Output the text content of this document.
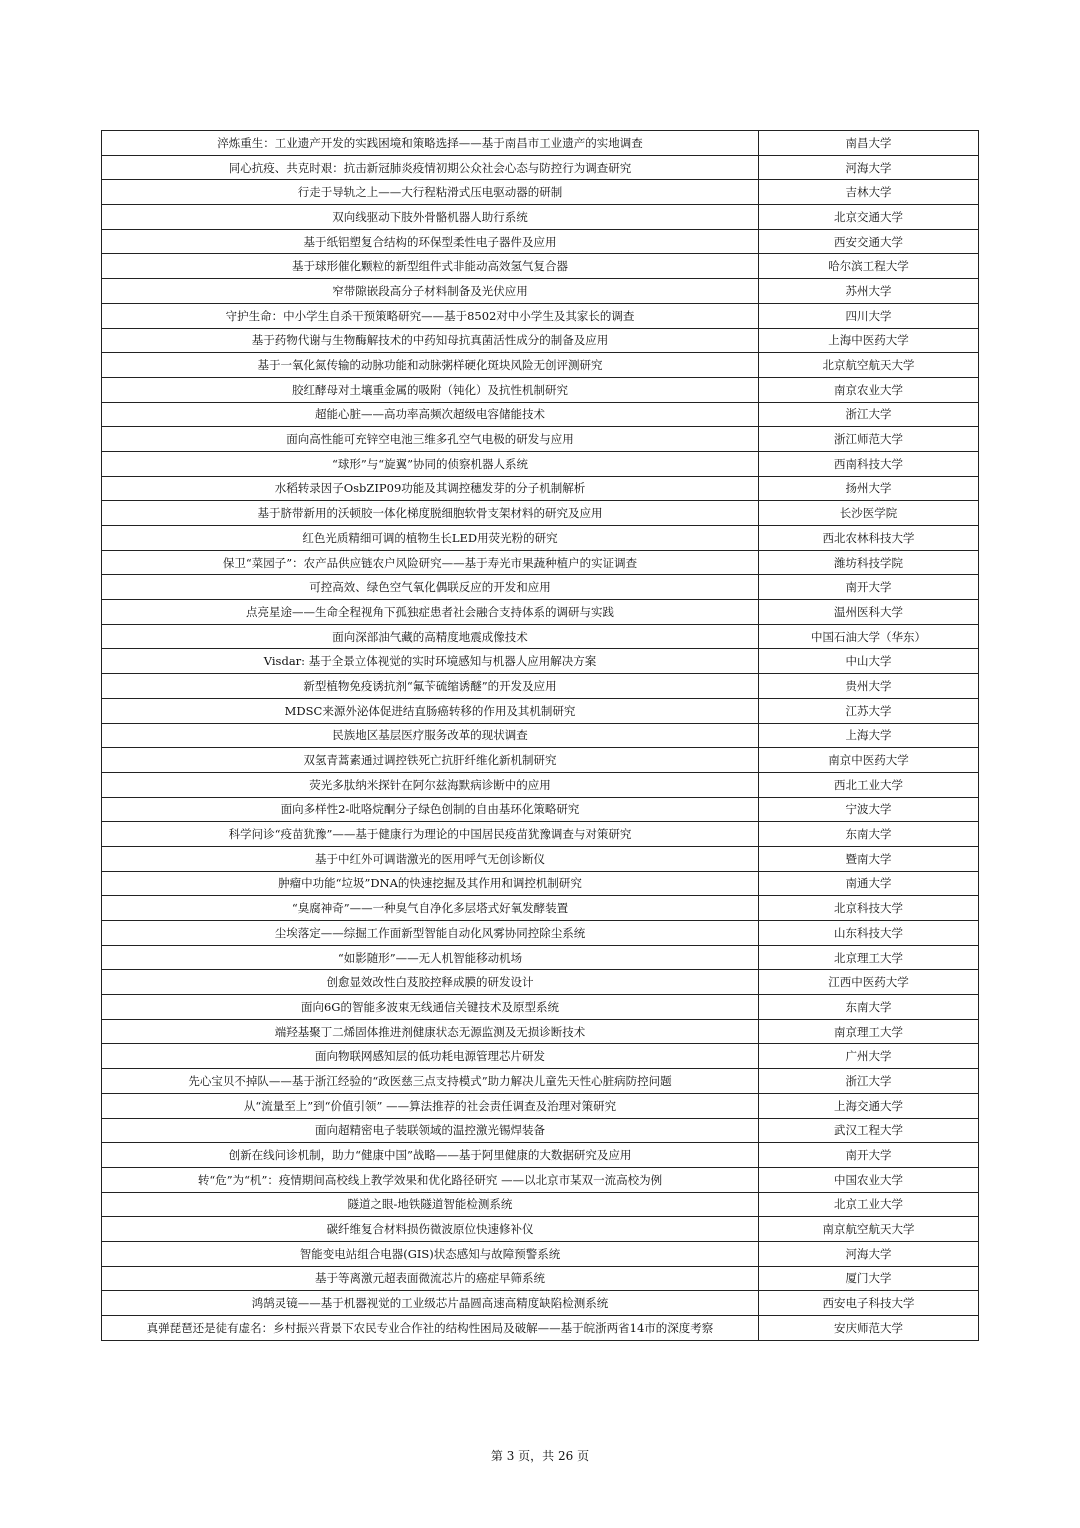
淬炼重生：工业遗产开发的实践困境和策略选择——基于南昌市工业遗产的实地调查	南昌大学
同心抗疫、共克时艰：抗击新冠肺炎疫情初期公众社会心态与防控行为调查研究	河海大学
行走于导轨之上——大行程粘滑式压电驱动器的研制	吉林大学
双向线驱动下肢外骨骼机器人助行系统	北京交通大学
基于纸铝塑复合结构的环保型柔性电子器件及应用	西安交通大学
基于球形催化颗粒的新型组件式非能动高效氢气复合器	哈尔滨工程大学
窄带隙嵌段高分子材料制备及光伏应用	苏州大学
守护生命：中小学生自杀干预策略研究——基于8502对中小学生及其家长的调查	四川大学
基于药物代谢与生物酶解技术的中药知母抗真菌活性成分的制备及应用	上海中医药大学
基于一氧化氮传输的动脉功能和动脉粥样硬化斑块风险无创评测研究	北京航空航天大学
胶红酵母对土壤重金属的吸附（钝化）及抗性机制研究	南京农业大学
超能心脏——高功率高频次超级电容储能技术	浙江大学
面向高性能可充锌空电池三维多孔空气电极的研发与应用	浙江师范大学
“球形”与“旋翼”协同的侦察机器人系统	西南科技大学
水稻转录因子OsbZIP09功能及其调控穗发芽的分子机制解析	扬州大学
基于脐带新用的沃顿胶一体化梯度脱细胞软骨支架材料的研究及应用	长沙医学院
红色光质精细可调的植物生长LED用荧光粉的研究	西北农林科技大学
保卫“菜园子”：农产品供应链农户风险研究——基于寿光市果蔬种植户的实证调查	潍坊科技学院
可控高效、绿色空气氧化偶联反应的开发和应用	南开大学
点亮星途——生命全程视角下孤独症患者社会融合支持体系的调研与实践	温州医科大学
面向深部油气藏的高精度地震成像技术	中国石油大学（华东）
Visdar: 基于全景立体视觉的实时环境感知与机器人应用解决方案	中山大学
新型植物免疫诱抗剂“氟苄硫缩诱醚”的开发及应用	贵州大学
MDSC来源外泌体促进结直肠癌转移的作用及其机制研究	江苏大学
民族地区基层医疗服务改革的现状调查	上海大学
双氢青蒿素通过调控铁死亡抗肝纤维化新机制研究	南京中医药大学
荧光多肽纳米探针在阿尔兹海默病诊断中的应用	西北工业大学
面向多样性2-吡咯烷酮分子绿色创制的自由基环化策略研究	宁波大学
科学问诊“疫苗犹豫”——基于健康行为理论的中国居民疫苗犹豫调查与对策研究	东南大学
基于中红外可调谐激光的医用呼气无创诊断仪	暨南大学
肿瘤中功能“垃圾”DNA的快速挖掘及其作用和调控机制研究	南通大学
“臭腐神奇”——一种臭气自净化多层塔式好氧发酵装置	北京科技大学
尘埃落定——综掘工作面新型智能自动化风雾协同控除尘系统	山东科技大学
“如影随形”——无人机智能移动机场	北京理工大学
创愈显效改性白芨胶控释成膜的研发设计	江西中医药大学
面向6G的智能多波束无线通信关键技术及原型系统	东南大学
端羟基聚丁二烯固体推进剂健康状态无源监测及无损诊断技术	南京理工大学
面向物联网感知层的低功耗电源管理芯片研发	广州大学
先心宝贝不掉队——基于浙江经验的“政医慈三点支持模式”助力解决儿童先天性心脏病防控问题	浙江大学
从“流量至上”到“价值引领” ——算法推荐的社会责任调查及治理对策研究	上海交通大学
面向超精密电子装联领域的温控激光锡焊装备	武汉工程大学
创新在线问诊机制，助力“健康中国”战略——基于阿里健康的大数据研究及应用	南开大学
转“危”为“机”：疫情期间高校线上教学效果和优化路径研究 ——以北京市某双一流高校为例	中国农业大学
隧道之眼-地铁隧道智能检测系统	北京工业大学
碳纤维复合材料损伤微波原位快速修补仪	南京航空航天大学
智能变电站组合电器(GIS)状态感知与故障预警系统	河海大学
基于等离激元超表面微流芯片的癌症早筛系统	厦门大学
鸿鹄灵镜——基于机器视觉的工业级芯片晶圆高速高精度缺陷检测系统	西安电子科技大学
真弹琵琶还是徒有虚名：乡村振兴背景下农民专业合作社的结构性困局及破解——基于皖浙两省14市的深度考察	安庆师范大学
第 3 页，共 26 页
